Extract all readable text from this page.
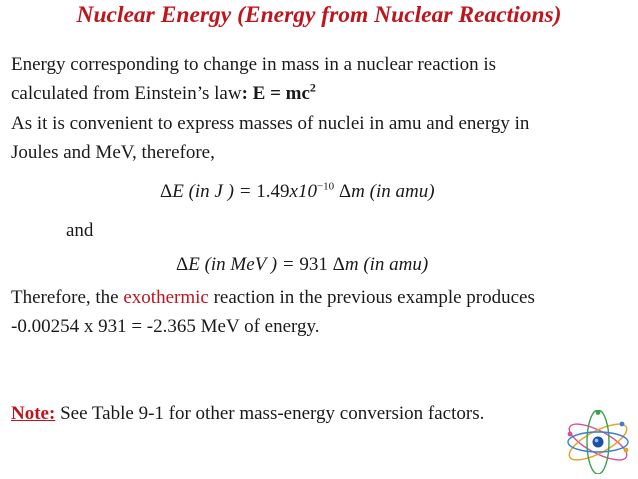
Nuclear Energy (Energy from Nuclear Reactions)
Energy corresponding to change in mass in a nuclear reaction is
calculated from Einstein’s law: $E = mc^2$
As it is convenient to express masses of nuclei in amu and energy in
Joules and MeV, therefore,
ΔE (in J ) = $1.49x10^{-10}$ Δm (in amu)
and
ΔE (in MeV ) = 931 Δm (in amu)
Therefore, the exothermic reaction in the previous example produces
-0.00254 x 931 = -2.365 MeV of energy.
Note: See Table 9-1 for other mass-energy conversion factors.
